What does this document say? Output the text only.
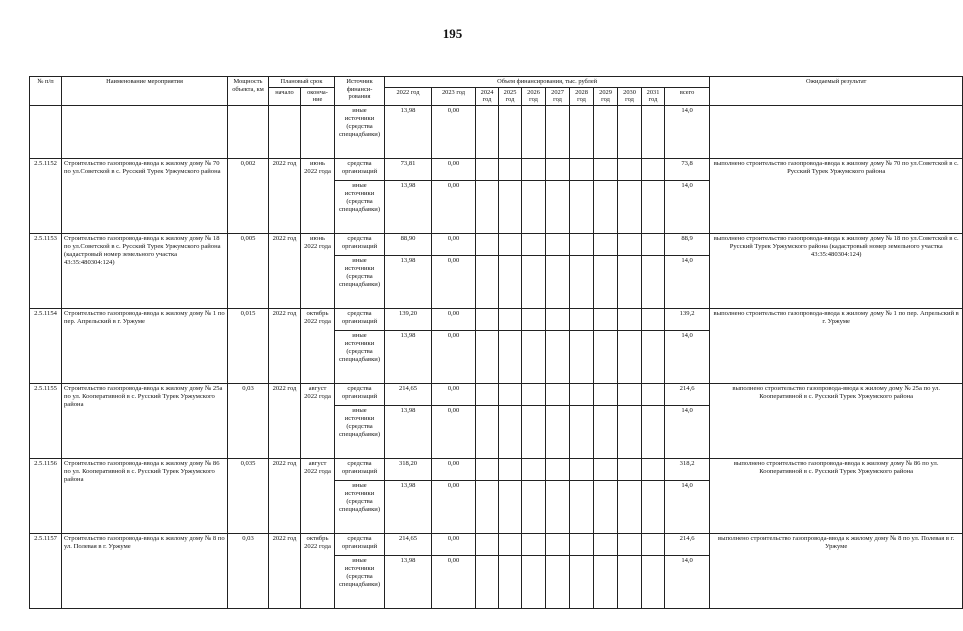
195
№ п/п	Наименование мероприятия	Мощность объекта, км	Плановый срок		Источник финанси-рования	Объем финансирования, тыс. рублей											Ожидаемый результат
			начало	оконча-ние		2022 год	2023 год	2024 год	2025 год	2026 год	2027 год	2028 год	2029 год	2030 год	2031 год	всего	
					иные источники (средства спецнадбавки)	13,98	0,00									14,0	
2.5.1152	Строительство газопровода-ввода к жилому дому № 70 по ул.Советской в с. Русский Турек Уржумского района	0,002	2022 год	июнь 2022 года	средства организаций	73,81	0,00									73,8	выполнено строительство газопровода-ввода к жилому дому № 70 по ул.Советской в с. Русский Турек Уржумского района
					иные источники (средства спецнадбавки)	13,98	0,00									14,0	
2.5.1153	Строительство газопровода-ввода к жилому дому № 18 по ул.Советской в с. Русский Турек Уржумского района (кадастровый номер земельного участка 43:35:480304:124)	0,005	2022 год	июнь 2022 года	средства организаций	88,90	0,00									88,9	выполнено строительство газопровода-ввода к жилому дому № 18 по ул.Советской в с. Русский Турек Уржумского района (кадастровый номер земельного участка 43:35:480304:124)
					иные источники (средства спецнадбавки)	13,98	0,00									14,0	
2.5.1154	Строительство газопровода-ввода к жилому дому № 1 по пер. Апрельский в г. Уржуме	0,015	2022 год	октябрь 2022 года	средства организаций	139,20	0,00									139,2	выполнено строительство газопровода-ввода к жилому дому № 1 по пер. Апрельский в г. Уржуме
					иные источники (средства спецнадбавки)	13,98	0,00									14,0	
2.5.1155	Строительство газопровода-ввода к жилому дому № 25а по ул. Кооперативной в с. Русский Турек Уржумского района	0,03	2022 год	август 2022 года	средства организаций	214,65	0,00									214,6	выполнено строительство газопровода-ввода к жилому дому № 25а по ул. Кооперативной в с. Русский Турек Уржумского района
					иные источники (средства спецнадбавки)	13,98	0,00									14,0	
2.5.1156	Строительство газопровода-ввода к жилому дому № 86 по ул. Кооперативной в с. Русский Турек Уржумского района	0,035	2022 год	август 2022 года	средства организаций	318,20	0,00									318,2	выполнено строительство газопровода-ввода к жилому дому № 86 по ул. Кооперативной в с. Русский Турек Уржумского района
					иные источники (средства спецнадбавки)	13,98	0,00									14,0	
2.5.1157	Строительство газопровода-ввода к жилому дому № 8 по ул. Полевая в г. Уржуме	0,03	2022 год	октябрь 2022 года	средства организаций	214,65	0,00									214,6	выполнено строительство газопровода-ввода к жилому дому № 8 по ул. Полевая в г. Уржуме
					иные источники (средства спецнадбавки)	13,98	0,00									14,0	
